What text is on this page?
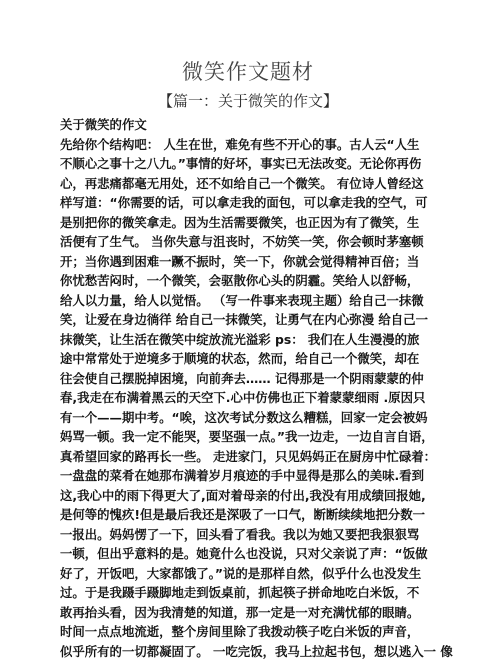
微笑作文题材
【篇一：关于微笑的作文】
关于微笑的作文
先给你个结构吧： 人生在世，难免有些不开心的事。古人云“人生
不顺心之事十之八九。”事情的好坏，事实已无法改变。无论你再伤
心，再悲痛都毫无用处，还不如给自己一个微笑。 有位诗人曾经这
样写道：“你需要的话，可以拿走我的面包，可以拿走我的空气，可
是别把你的微笑拿走。因为生活需要微笑，也正因为有了微笑，生
活便有了生气。 当你失意与沮丧时，不妨笑一笑，你会顿时茅塞顿
开；当你遇到困难一蹶不振时，笑一下，你就会觉得精神百倍；当
你忧愁苦闷时，一个微笑，会驱散你心头的阴霾。笑给人以舒畅，
给人以力量，给人以觉悟。 （写一件事来表现主题）给自己一抹微
笑，让爱在身边徜徉 给自己一抹微笑，让勇气在内心弥漫 给自己一
抹微笑，让生活在微笑中绽放流光溢彩 ps： 我们在人生漫漫的旅
途中常常处于逆境多于顺境的状态，然而，给自己一个微笑，却在
往会使自己摆脱掉困境，向前奔去…… 记得那是一个阴雨蒙蒙的仲
春,我走在布满着黑云的天空下.心中仿佛也正下着蒙蒙细雨 .原因只
有一个——期中考。“唉，这次考试分数这么糟糕，回家一定会被妈
妈骂一顿。我一定不能哭，要坚强一点。”我一边走，一边自言自语，
真希望回家的路再长一些。 走进家门，只见妈妈正在厨房中忙碌着：
一盘盘的菜肴在她那布满着岁月痕迹的手中显得是那么的美味.看到
这,我心中的雨下得更大了,面对着母亲的付出,我没有用成绩回报她,
是何等的愧疚!但是最后我还是深吸了一口气，断断续续地把分数一
一报出。妈妈愣了一下，回头看了看我。我以为她又要把我狠狠骂
一顿，但出乎意料的是。她竟什么也没说，只对父亲说了声：“饭做
好了，开饭吧，大家都饿了。”说的是那样自然，似乎什么也没发生
过。于是我蹑手蹑脚地走到饭桌前，抓起筷子拼命地吃白米饭，不
敢再抬头看，因为我清楚的知道，那一定是一对充满忧郁的眼睛。
时间一点点地流逝，整个房间里除了我拨动筷子吃白米饭的声音，
似乎所有的一切都凝固了。 一吃完饭，我马上拉起书包，想以逃入一 像
